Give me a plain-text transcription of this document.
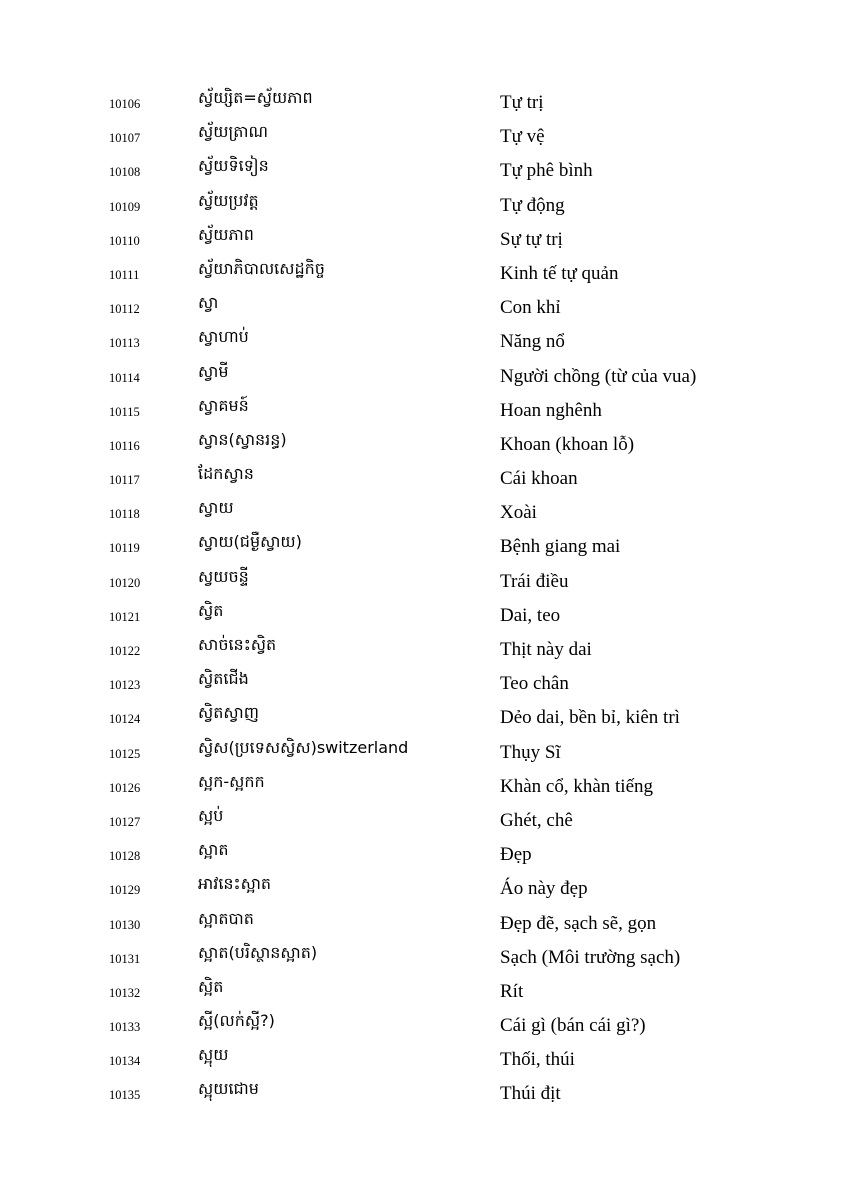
10106	ស្វ័យ្សិត=ស្វ័យភាព	Tự trị
10107	ស្វ័យត្រាណ	Tự vệ
10108	ស្វ័យទិទៀន	Tự phê bình
10109	ស្វ័យប្រវត្ត	Tự động
10110	ស្វ័យភាព	Sự tự trị
10111	ស្វ័យាភិបាលសេដ្ឋកិច្ច	Kinh tế tự quản
10112	ស្វា	Con khỉ
10113	ស្វាហាប់	Năng nổ
10114	ស្វាមី	Người chồng (từ của vua)
10115	ស្វាគមន៍	Hoan nghênh
10116	ស្វាន(ស្វានរន្ធ)	Khoan (khoan lỗ)
10117	ដែកស្វាន	Cái khoan
10118	ស្វាយ	Xoài
10119	ស្វាយ(ជម្ងឺស្វាយ)	Bệnh giang mai
10120	ស្វយចន្ទី	Trái điều
10121	ស្វិត	Dai, teo
10122	សាច់នេះស្វិត	Thịt này dai
10123	ស្វិតជើង	Teo chân
10124	ស្វិតស្វាញ	Dẻo dai, bền bỉ, kiên trì
10125	ស្វិស(ប្រទេសស្វិស)switzerland	Thụy Sĩ
10126	ស្អក-ស្អកក	Khàn cổ, khàn tiếng
10127	ស្អប់	Ghét, chê
10128	ស្អាត	Đẹp
10129	អាវនេះស្អាត	Áo này đẹp
10130	ស្អាតបាត	Đẹp đẽ, sạch sẽ, gọn
10131	ស្អាត(បរិស្ថានស្អាត)	Sạch (Môi trường sạch)
10132	ស្អិត	Rít
10133	ស្អី(លក់ស្អី?)	Cái gì (bán cái gì?)
10134	ស្អុយ	Thối, thúi
10135	ស្អុយជោម	Thúi địt
